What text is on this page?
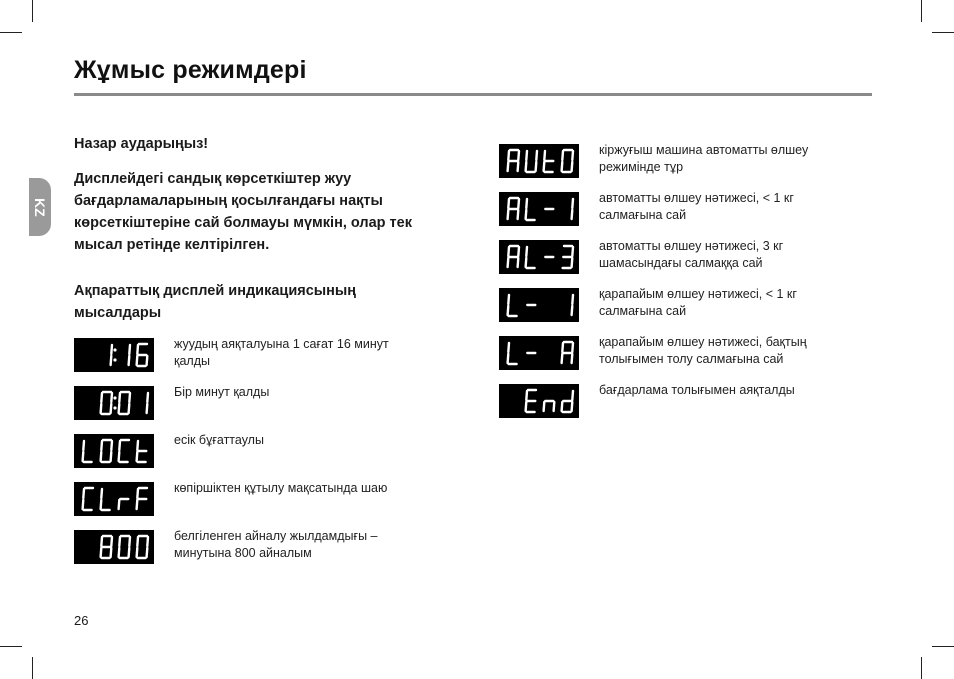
Жұмыс режимдері
KZ

Назар аударыңыз!

Дисплейдегі сандық көрсеткіштер жуу бағдарламаларының қосылғандағы нақты көрсеткіштеріне сай болмауы мүмкін, олар тек мысал ретінде келтірілген.

Ақпараттық дисплей индикациясының мысалдары

жуудың аяқталуына 1 сағат 16 минут қалды
Бір минут қалды
есік бұғаттаулы
көпіршіктен құтылу мақсатында шаю
белгіленген айналу жылдамдығы – минутына 800 айналым
кіржуғыш машина автоматты өлшеу режимінде тұр
автоматты өлшеу нәтижесі, < 1 кг салмағына сай
автоматты өлшеу нәтижесі, 3 кг шамасындағы салмаққа сай
қарапайым өлшеу нәтижесі, < 1 кг салмағына сай
қарапайым өлшеу нәтижесі, бақтың толығымен толу салмағына сай
бағдарлама толығымен аяқталды
26
